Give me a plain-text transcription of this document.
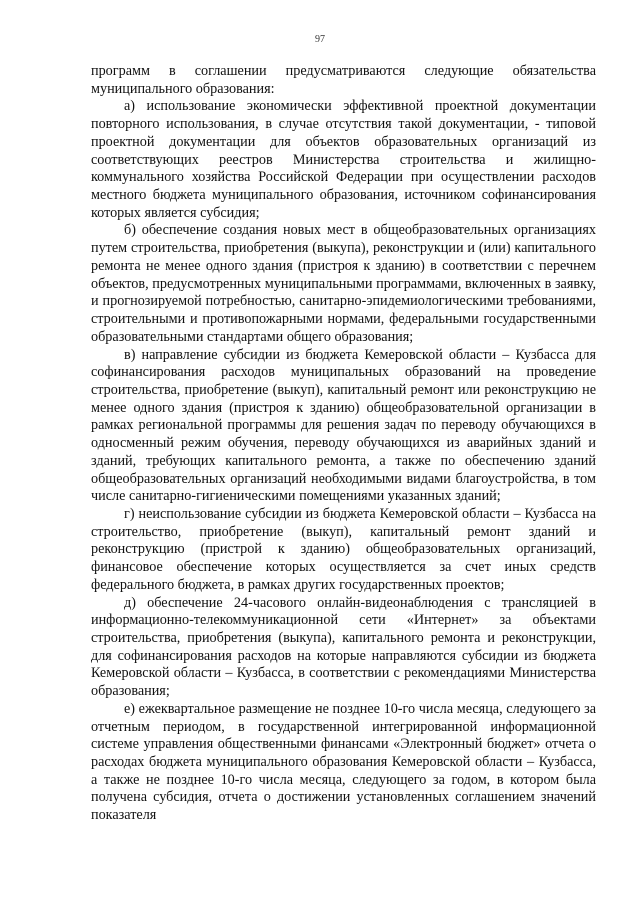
97

программ в соглашении предусматриваются следующие обязательства муниципального образования:

а) использование экономически эффективной проектной документации повторного использования, в случае отсутствия такой документации, - типовой проектной документации для объектов образовательных организаций из соответствующих реестров Министерства строительства и жилищно-коммунального хозяйства Российской Федерации при осуществлении расходов местного бюджета муниципального образования, источником софинансирования которых является субсидия;

б) обеспечение создания новых мест в общеобразовательных организациях путем строительства, приобретения (выкупа), реконструкции и (или) капитального ремонта не менее одного здания (пристроя к зданию) в соответствии с перечнем объектов, предусмотренных муниципальными программами, включенных в заявку, и прогнозируемой потребностью, санитарно-эпидемиологическими требованиями, строительными и противопожарными нормами, федеральными государственными образовательными стандартами общего образования;

в) направление субсидии из бюджета Кемеровской области – Кузбасса для софинансирования расходов муниципальных образований на проведение строительства, приобретение (выкуп), капитальный ремонт или реконструкцию не менее одного здания (пристроя к зданию) общеобразовательной организации в рамках региональной программы для решения задач по переводу обучающихся в односменный режим обучения, переводу обучающихся из аварийных зданий и зданий, требующих капитального ремонта, а также по обеспечению зданий общеобразовательных организаций необходимыми видами благоустройства, в том числе санитарно-гигиеническими помещениями указанных зданий;

г) неиспользование субсидии из бюджета Кемеровской области – Кузбасса на строительство, приобретение (выкуп), капитальный ремонт зданий и реконструкцию (пристрой к зданию) общеобразовательных организаций, финансовое обеспечение которых осуществляется за счет иных средств федерального бюджета, в рамках других государственных проектов;

д) обеспечение 24-часового онлайн-видеонаблюдения с трансляцией в информационно-телекоммуникационной сети «Интернет» за объектами строительства, приобретения (выкупа), капитального ремонта и реконструкции, для софинансирования расходов на которые направляются субсидии из бюджета Кемеровской области – Кузбасса, в соответствии с рекомендациями Министерства образования;

е) ежеквартальное размещение не позднее 10-го числа месяца, следующего за отчетным периодом, в государственной интегрированной информационной системе управления общественными финансами «Электронный бюджет» отчета о расходах бюджета муниципального образования Кемеровской области – Кузбасса, а также не позднее 10-го числа месяца, следующего за годом, в котором была получена субсидия, отчета о достижении установленных соглашением значений показателя
